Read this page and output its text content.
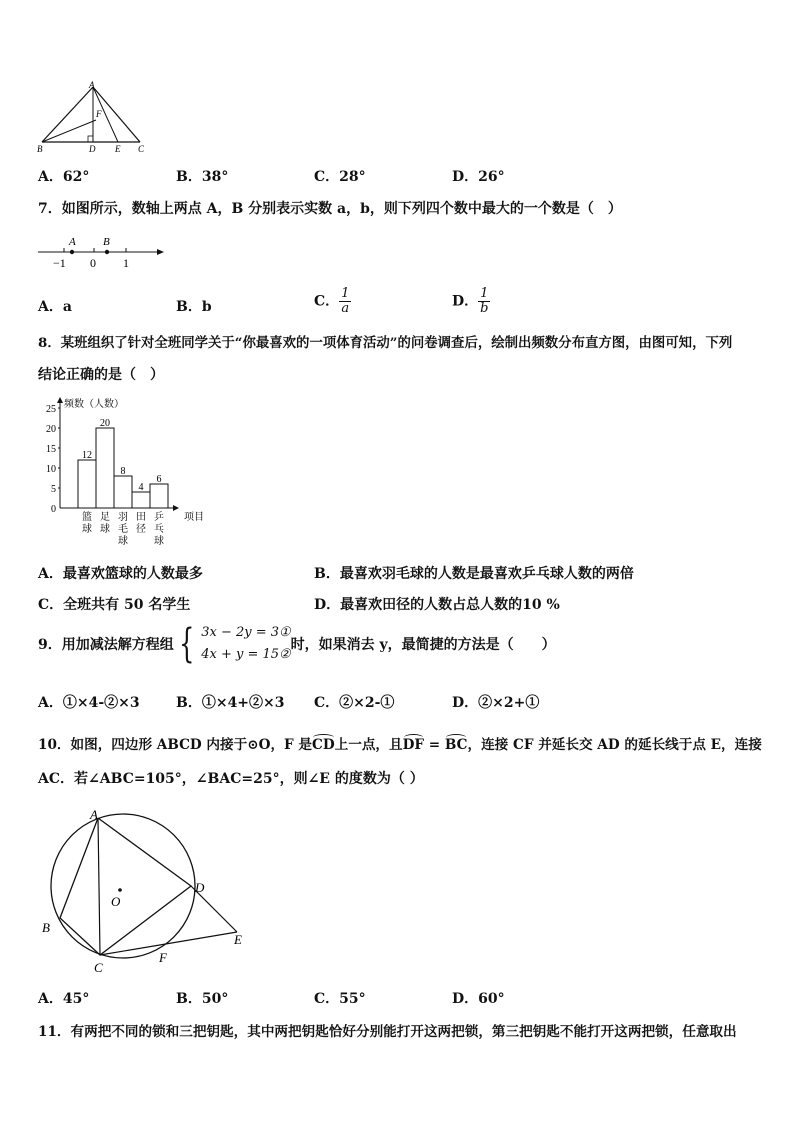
A
F
B	D E C
A．62°	B．38°	C．28°	D．26°
7．如图所示，数轴上两点 A，B 分别表示实数 a，b，则下列四个数中最大的一个数是（　）
A B
−1 0 1
A．a	B．b	C． $\frac{1}{a}$	D． $\frac{1}{b}$
8．某班组织了针对全班同学关于“你最喜欢的一项体育活动”的问卷调查后，绘制出频数分布直方图，由图可知，下列
结论正确的是（　）
频数（人数）
项目
0
5
10
15
20
25
12
篮
球
20
足
球
8
羽
毛
球
4
田
径
6
乒
乓
球
A．最喜欢篮球的人数最多	B．最喜欢羽毛球的人数是最喜欢乒乓球人数的两倍
C．全班共有 50 名学生	D．最喜欢田径的人数占总人数的10 %
9．用加减法解方程组 { 3x − 2y = 3①
4x + y = 15②
时，如果消去 y，最简捷的方法是（　　）
A．①×4-②×3	B．①×4+②×3 C．②×2-①	D．②×2+①
10．如图，四边形 ABCD 内接于⊙O，F 是CD上一点，且DF = BC，连接 CF 并延长交 AD 的延长线于点 E，连接
AC．若∠ABC=105°，∠BAC=25°，则∠E 的度数为（ ）
A
O
D
B
C
F
E
A．45°	B．50°	C．55°	D．60°
11．有两把不同的锁和三把钥匙，其中两把钥匙恰好分别能打开这两把锁，第三把钥匙不能打开这两把锁，任意取出
